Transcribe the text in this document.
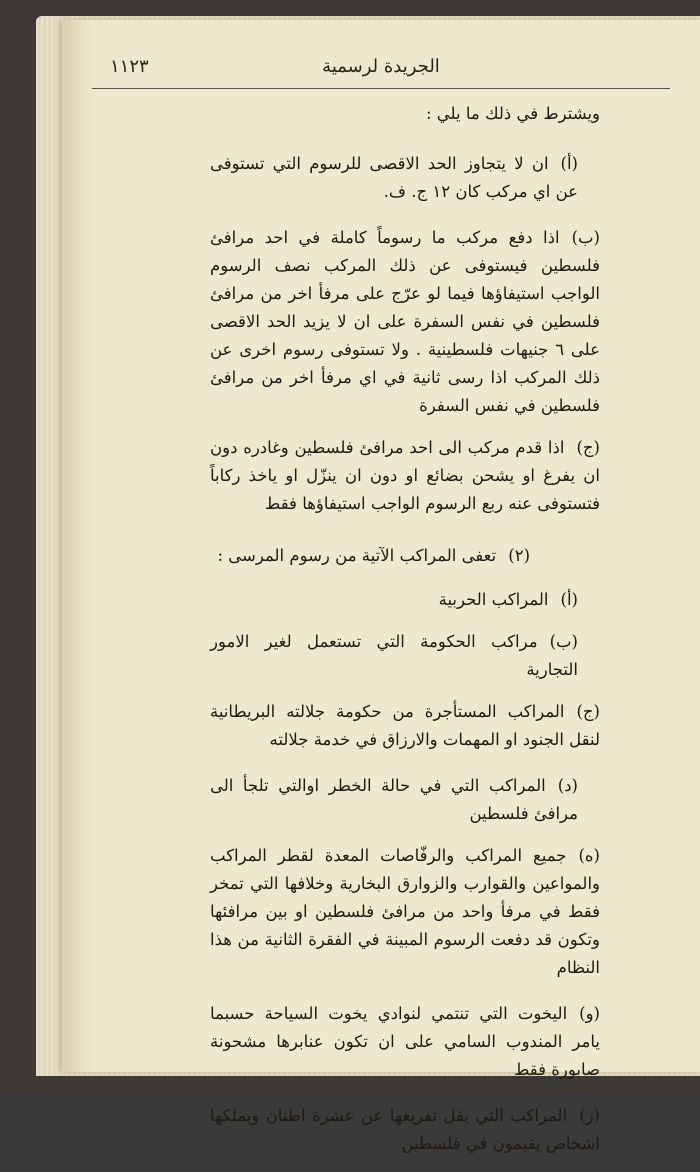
الجريدة لرسمية
١١٢٣

ويشترط في ذلك ما يلي :

(أ)ان لا يتجاوز الحد الاقصى للرسوم التي تستوفى عن اي مركب كان ١٢ ج. ف.

(ب)اذا دفع مركب ما رسوماً كاملة في احد مرافئ فلسطين فيستوفى عن ذلك المركب نصف الرسوم الواجب استيفاؤها فيما لو عرّج على مرفأ اخر من مرافئ فلسطين في نفس السفرة على ان لا يزيد الحد الاقصى على ٦ جنيهات فلسطينية . ولا تستوفى رسوم اخرى عن ذلك المركب اذا رسى ثانية في اي مرفأ اخر من مرافئ فلسطين في نفس السفرة

(ج)اذا قدم مركب الى احد مرافئ فلسطين وغادره دون ان يفرغ او يشحن بضائع او دون ان ينزّل او ياخذ ركاباً فتستوفى عنه ربع الرسوم الواجب استيفاؤها فقط

(٢)تعفى المراكب الآتية من رسوم المرسى :

(أ)المراكب الحربية

(ب)مراكب الحكومة التي تستعمل لغير الامور التجارية

(ج)المراكب المستأجرة من حكومة جلالته البريطانية لنقل الجنود او المهمات والارزاق في خدمة جلالته

(د)المراكب التي في حالة الخطر اوالتي تلجأ الى مرافئ فلسطين

(ه)جميع المراكب والرفّاصات المعدة لقطر المراكب والمواعين والقوارب والزوارق البخارية وخلافها التي تمخر فقط في مرفأ واحد من مرافئ فلسطين او بين مرافئها وتكون قد دفعت الرسوم المبينة في الفقرة الثانية من هذا النظام

(و)اليخوت التي تنتمي لنوادي يخوت السياحة حسبما يامر المندوب السامي على ان تكون عنابرها مشحونة صابورة فقط

(ز)المراكب التي يقل تفريغها عن عشرة اطنان ويملكها اشخاص يقيمون في فلسطين
